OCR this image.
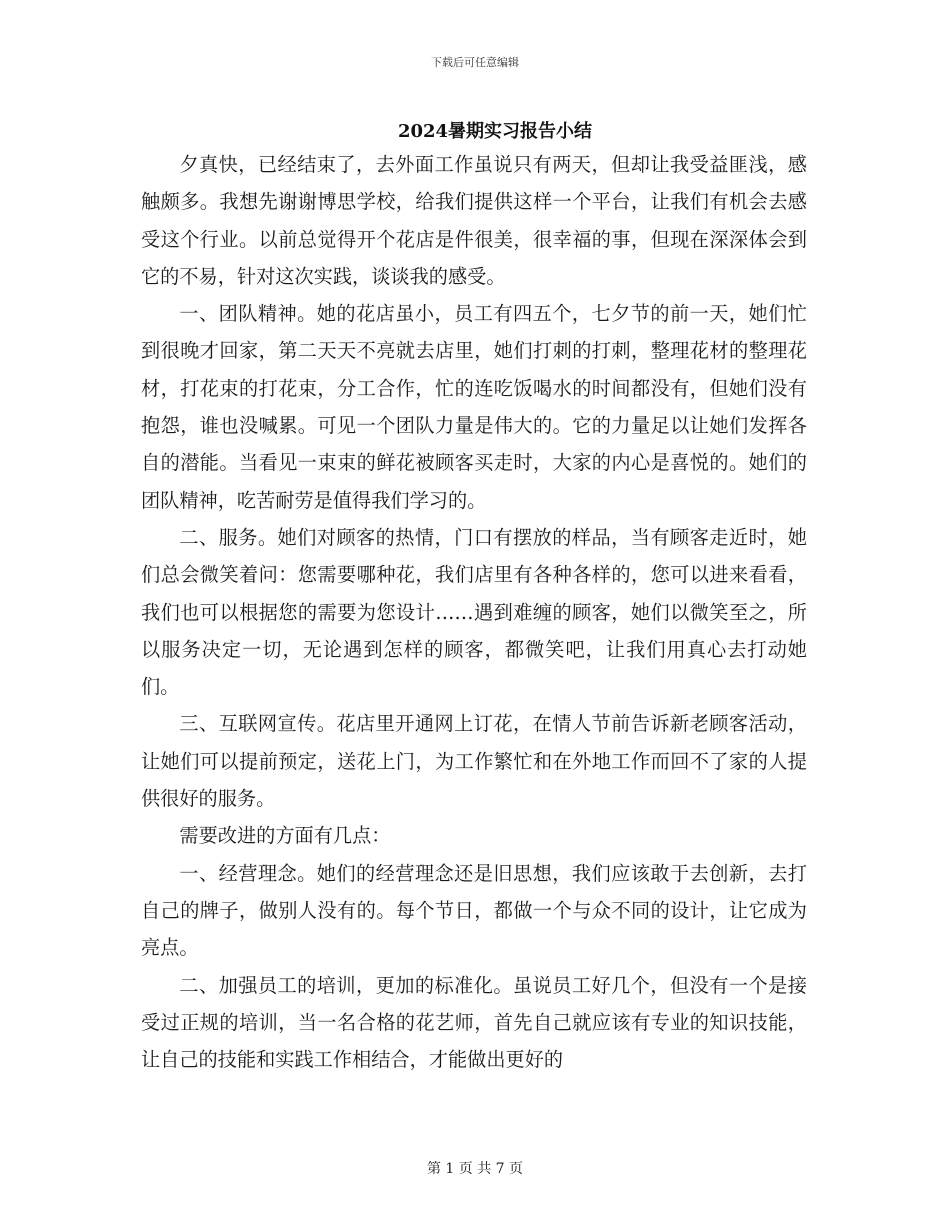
下载后可任意编辑
2024暑期实习报告小结

夕真快，已经结束了，去外面工作虽说只有两天，但却让我受益匪浅，感触颇多。我想先谢谢博思学校，给我们提供这样一个平台，让我们有机会去感受这个行业。以前总觉得开个花店是件很美，很幸福的事，但现在深深体会到它的不易，针对这次实践，谈谈我的感受。

一、团队精神。她的花店虽小，员工有四五个，七夕节的前一天，她们忙到很晚才回家，第二天天不亮就去店里，她们打刺的打刺，整理花材的整理花材，打花束的打花束，分工合作，忙的连吃饭喝水的时间都没有，但她们没有抱怨，谁也没喊累。可见一个团队力量是伟大的。它的力量足以让她们发挥各自的潜能。当看见一束束的鲜花被顾客买走时，大家的内心是喜悦的。她们的团队精神，吃苦耐劳是值得我们学习的。

二、服务。她们对顾客的热情，门口有摆放的样品，当有顾客走近时，她们总会微笑着问：您需要哪种花，我们店里有各种各样的，您可以进来看看，我们也可以根据您的需要为您设计……遇到难缠的顾客，她们以微笑至之，所以服务决定一切，无论遇到怎样的顾客，都微笑吧，让我们用真心去打动她们。

三、互联网宣传。花店里开通网上订花，在情人节前告诉新老顾客活动，让她们可以提前预定，送花上门，为工作繁忙和在外地工作而回不了家的人提供很好的服务。

需要改进的方面有几点：

一、经营理念。她们的经营理念还是旧思想，我们应该敢于去创新，去打自己的牌子，做别人没有的。每个节日，都做一个与众不同的设计，让它成为亮点。

二、加强员工的培训，更加的标准化。虽说员工好几个，但没有一个是接受过正规的培训，当一名合格的花艺师，首先自己就应该有专业的知识技能，让自己的技能和实践工作相结合，才能做出更好的

第 1 页 共 7 页
